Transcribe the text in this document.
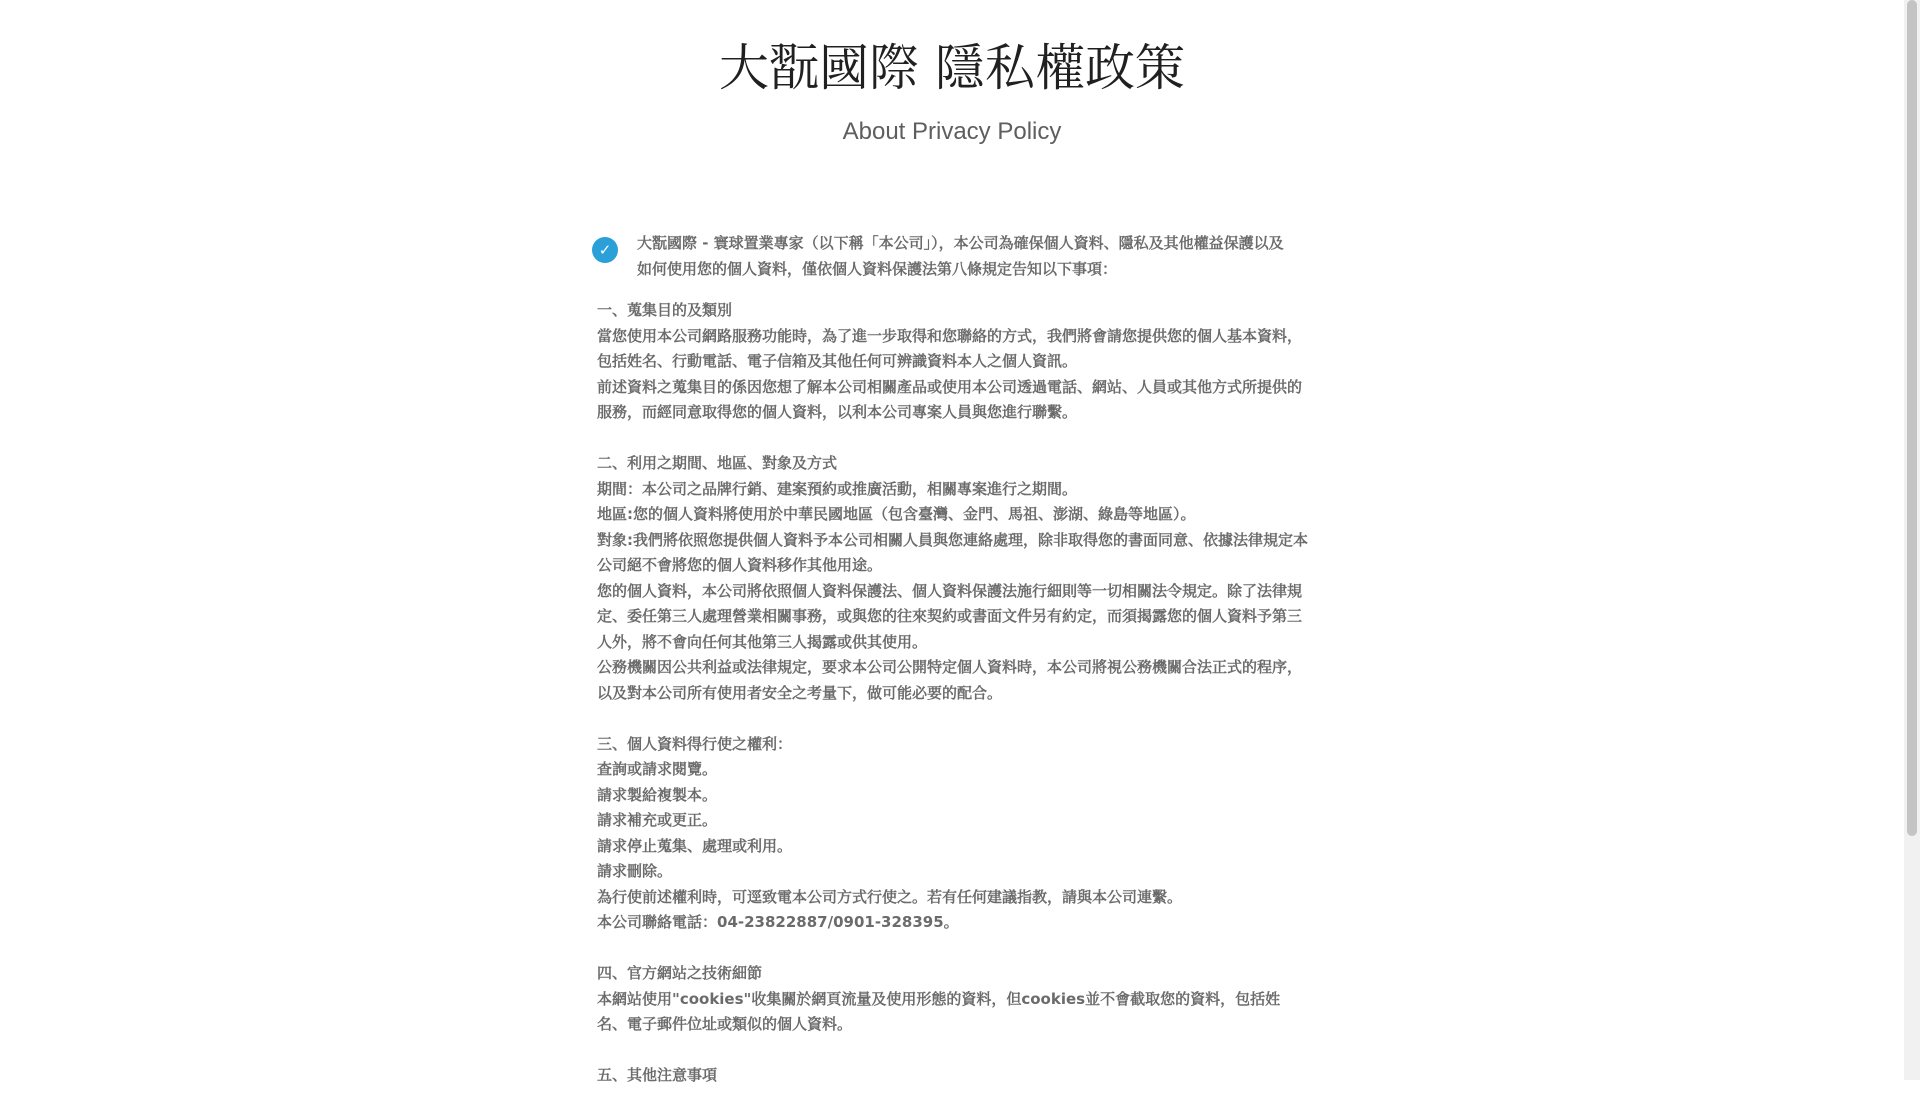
大翫國際 隱私權政策
About Privacy Policy
✓	大翫國際 - 寰球置業專家（以下稱「本公司」），本公司為確保個人資料、隱私及其他權益保護以及如何使用您的個人資料，僅依個人資料保護法第八條規定告知以下事項：
一、蒐集目的及類別

當您使用本公司網路服務功能時，為了進一步取得和您聯絡的方式，我們將會請您提供您的個人基本資料，包括姓名、行動電話、電子信箱及其他任何可辨識資料本人之個人資訊。

前述資料之蒐集目的係因您想了解本公司相關產品或使用本公司透過電話、網站、人員或其他方式所提供的服務，而經同意取得您的個人資料，以利本公司專案人員與您進行聯繫。

二、利用之期間、地區、對象及方式

期間：本公司之品牌行銷、建案預約或推廣活動，相關專案進行之期間。

地區:您的個人資料將使用於中華民國地區（包含臺灣、金門、馬祖、澎湖、綠島等地區）。

對象:我們將依照您提供個人資料予本公司相關人員與您連絡處理，除非取得您的書面同意、依據法律規定本公司絕不會將您的個人資料移作其他用途。

您的個人資料，本公司將依照個人資料保護法、個人資料保護法施行細則等一切相關法令規定。除了法律規定、委任第三人處理營業相關事務，或與您的往來契約或書面文件另有約定，而須揭露您的個人資料予第三人外，將不會向任何其他第三人揭露或供其使用。

公務機關因公共利益或法律規定，要求本公司公開特定個人資料時，本公司將視公務機關合法正式的程序，以及對本公司所有使用者安全之考量下，做可能必要的配合。

三、個人資料得行使之權利：

查詢或請求閱覽。

請求製給複製本。

請求補充或更正。

請求停止蒐集、處理或利用。

請求刪除。

為行使前述權利時，可逕致電本公司方式行使之。若有任何建議指教，請與本公司連繫。

本公司聯絡電話：04-23822887/0901-328395。

四、官方網站之技術細節

本網站使用"cookies"收集關於網頁流量及使用形態的資料，但cookies並不會截取您的資料，包括姓名、電子郵件位址或類似的個人資料。

五、其他注意事項
